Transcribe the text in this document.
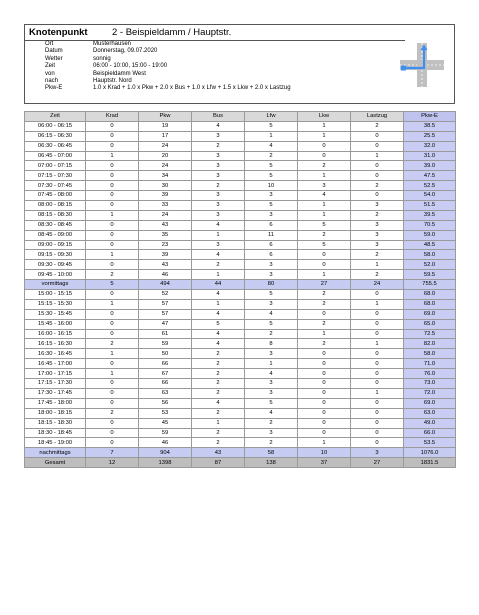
Knotenpunkt	2 - Beispieldamm / Hauptstr.
Ort	Musterhausen
Datum	Donnerstag, 09.07.2020
Wetter	sonnig
Zeit	06:00 - 10:00, 15:00 - 19:00
von	Beispieldamm West
nach	Hauptstr. Nord
Pkw-E	1.0 x Krad + 1.0 x Pkw + 2.0 x Bus + 1.0 x Lfw + 1.5 x Lkw + 2.0 x Lastzug
Zeit	Krad	Pkw	Bus	Lfw	Lkw	Lastzug	Pkw-E
06:00 - 06:15	0	19	4	5	1	2	38.5
06:15 - 06:30	0	17	3	1	1	0	25.5
06:30 - 06:45	0	24	2	4	0	0	32.0
06:45 - 07:00	1	20	3	2	0	1	31.0
07:00 - 07:15	0	24	3	5	2	0	39.0
07:15 - 07:30	0	34	3	5	1	0	47.5
07:30 - 07:45	0	30	2	10	3	2	52.5
07:45 - 08:00	0	39	3	3	4	0	54.0
08:00 - 08:15	0	33	3	5	1	3	51.5
08:15 - 08:30	1	24	3	3	1	2	39.5
08:30 - 08:45	0	43	4	6	5	3	70.5
08:45 - 09:00	0	35	1	11	2	3	59.0
09:00 - 09:15	0	23	3	6	5	3	48.5
09:15 - 09:30	1	39	4	6	0	2	58.0
09:30 - 09:45	0	43	2	3	0	1	52.0
09:45 - 10:00	2	46	1	3	1	2	59.5
vormittags	5	494	44	80	27	24	755.5
15:00 - 15:15	0	52	4	5	2	0	68.0
15:15 - 15:30	1	57	1	3	2	1	68.0
15:30 - 15:45	0	57	4	4	0	0	69.0
15:45 - 16:00	0	47	5	5	2	0	65.0
16:00 - 16:15	0	61	4	2	1	0	72.5
16:15 - 16:30	2	59	4	8	2	1	82.0
16:30 - 16:45	1	50	2	3	0	0	58.0
16:45 - 17:00	0	66	2	1	0	0	71.0
17:00 - 17:15	1	67	2	4	0	0	76.0
17:15 - 17:30	0	66	2	3	0	0	73.0
17:30 - 17:45	0	63	2	3	0	1	72.0
17:45 - 18:00	0	56	4	5	0	0	69.0
18:00 - 18:15	2	53	2	4	0	0	63.0
18:15 - 18:30	0	45	1	2	0	0	49.0
18:30 - 18:45	0	59	2	3	0	0	66.0
18:45 - 19:00	0	46	2	2	1	0	53.5
nachmittags	7	904	43	58	10	3	1076.0
Gesamt	12	1398	87	138	37	27	1831.5
